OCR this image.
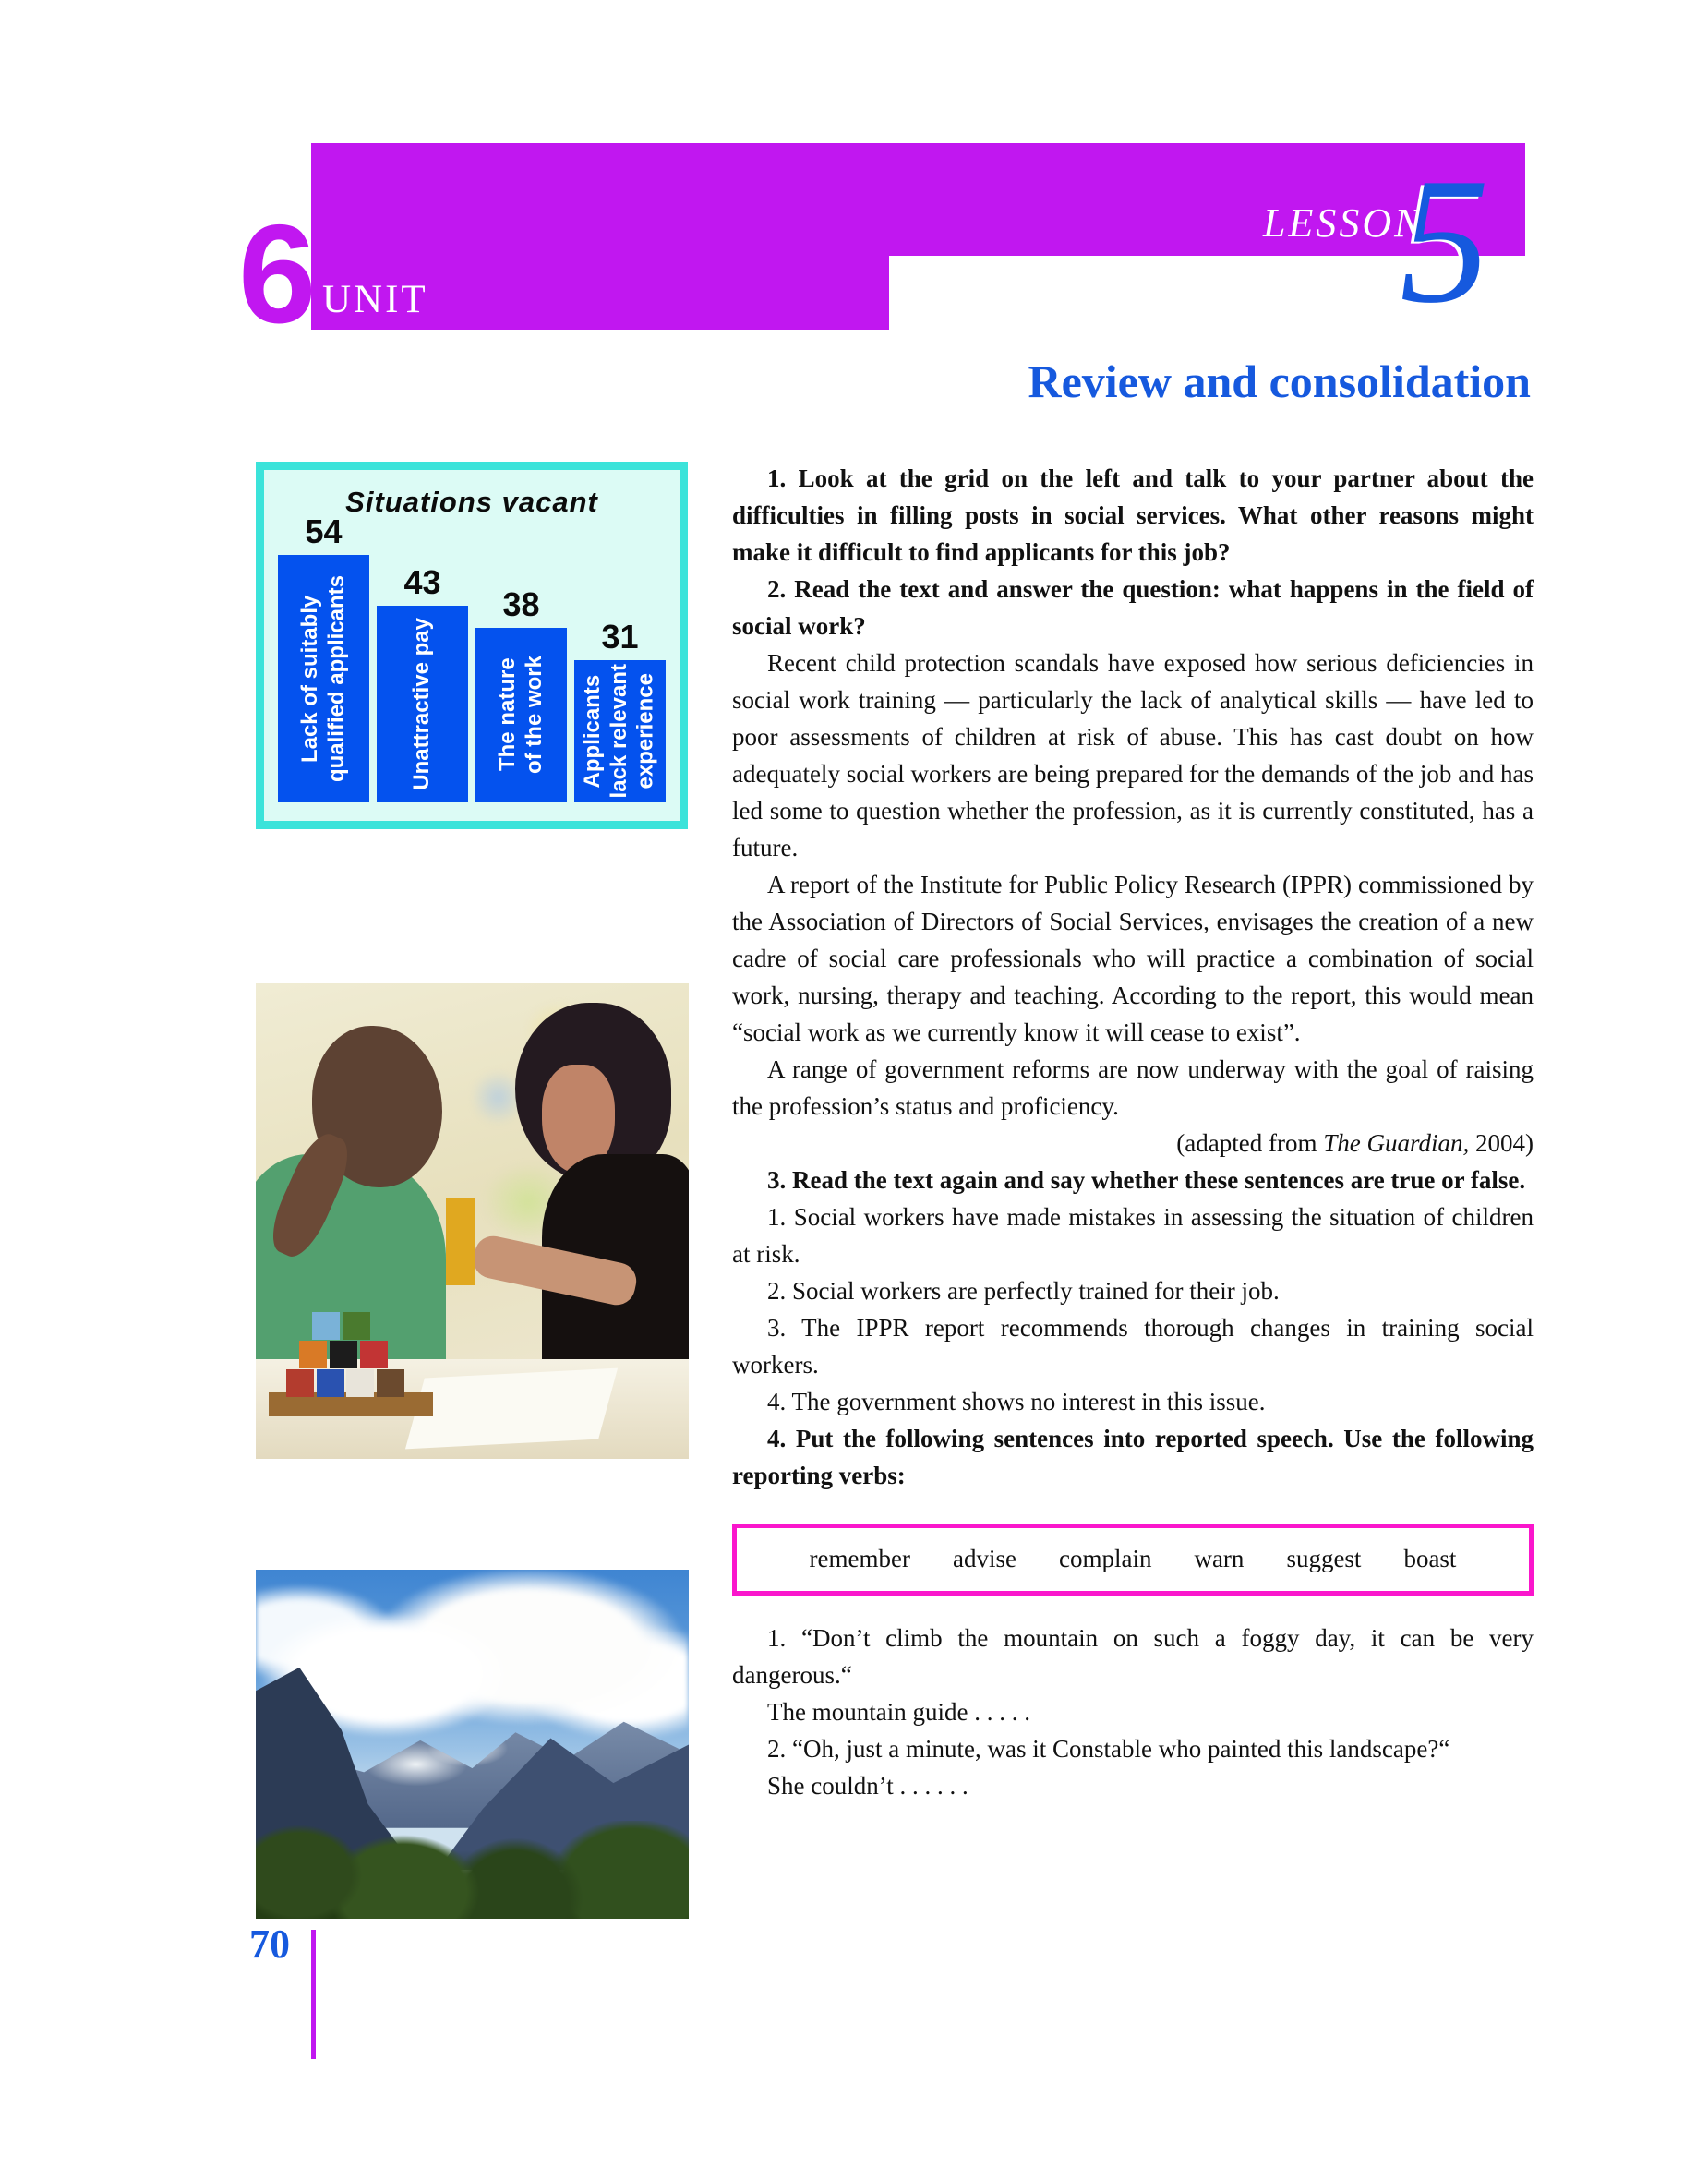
6 UNIT
LESSON
5
Review and consolidation
Situations vacant
54
Lack of suitably qualified applicants	43
Unattractive pay
38
The nature of the work
31
Applicants lack relevant experience

1. Look at the grid on the left and talk to your partner about the difficulties in filling posts in social services. What other reasons might make it difficult to find applicants for this job?

2. Read the text and answer the question: what happens in the field of social work?

Recent child protection scandals have exposed how serious deficiencies in social work training — particularly the lack of analytical skills — have led to poor assessments of children at risk of abuse. This has cast doubt on how adequately social workers are being prepared for the demands of the job and has led some to question whether the profession, as it is currently constituted, has a future.

A report of the Institute for Public Policy Research (IPPR) commissioned by the Association of Directors of Social Services, envisages the creation of a new cadre of social care professionals who will practice a combination of social work, nursing, therapy and teaching. According to the report, this would mean “social work as we currently know it will cease to exist”.

A range of government reforms are now underway with the goal of raising the profession’s status and proficiency.

(adapted from The Guardian, 2004)

3. Read the text again and say whether these sentences are true or false.

1. Social workers have made mistakes in assessing the situation of children at risk.

2. Social workers are perfectly trained for their job.

3. The IPPR report recommends thorough changes in training social workers.

4. The government shows no interest in this issue.

4. Put the following sentences into reported speech. Use the following reporting verbs:

remember advise complain warn suggest boast

1. “Don’t climb the mountain on such a foggy day, it can be very dangerous.“

The mountain guide . . . . .

2. “Oh, just a minute, was it Constable who painted this landscape?“

She couldn’t . . . . . .

70
